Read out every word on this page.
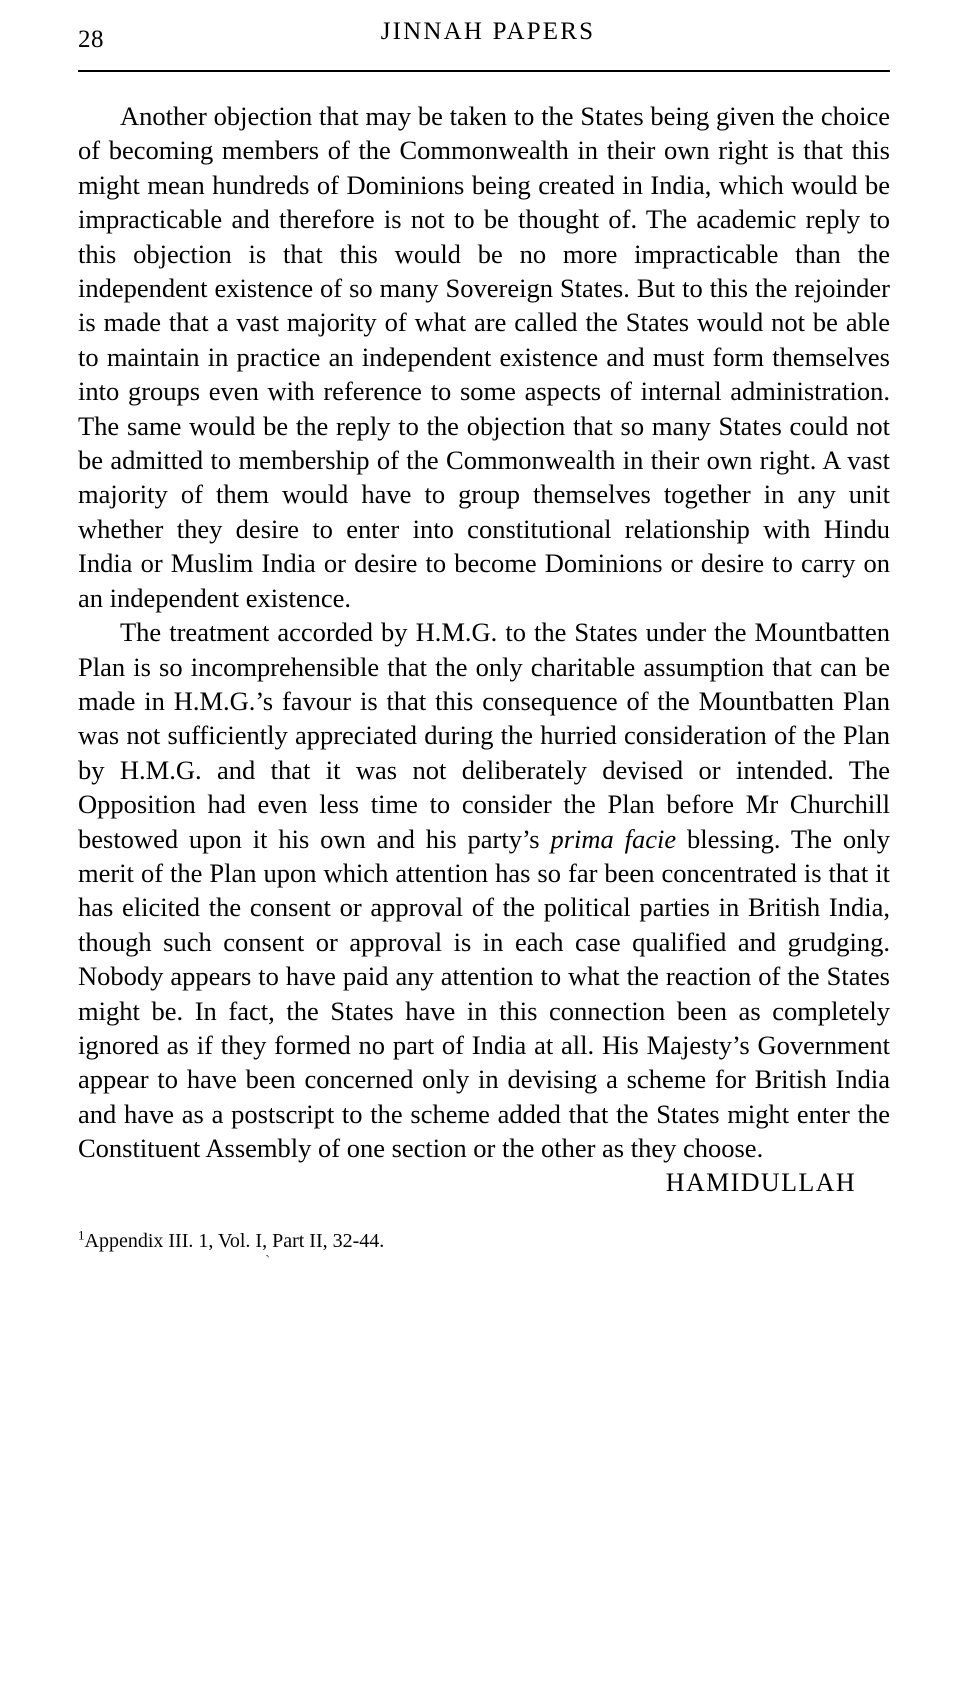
28	JINNAH PAPERS

Another objection that may be taken to the States being given the choice of becoming members of the Commonwealth in their own right is that this might mean hundreds of Dominions being created in India, which would be impracticable and therefore is not to be thought of. The academic reply to this objection is that this would be no more impracticable than the independent existence of so many Sovereign States. But to this the rejoinder is made that a vast majority of what are called the States would not be able to maintain in practice an independent existence and must form themselves into groups even with reference to some aspects of internal administration. The same would be the reply to the objection that so many States could not be admitted to membership of the Commonwealth in their own right. A vast majority of them would have to group themselves together in any unit whether they desire to enter into constitutional relationship with Hindu India or Muslim India or desire to become Dominions or desire to carry on an independent existence.

The treatment accorded by H.M.G. to the States under the Mountbatten Plan is so incomprehensible that the only charitable assumption that can be made in H.M.G.’s favour is that this consequence of the Mountbatten Plan was not sufficiently appreciated during the hurried consideration of the Plan by H.M.G. and that it was not deliberately devised or intended. The Opposition had even less time to consider the Plan before Mr Churchill bestowed upon it his own and his party’s prima facie blessing. The only merit of the Plan upon which attention has so far been concentrated is that it has elicited the consent or approval of the political parties in British India, though such consent or approval is in each case qualified and grudging. Nobody appears to have paid any attention to what the reaction of the States might be. In fact, the States have in this connection been as completely ignored as if they formed no part of India at all. His Majesty’s Government appear to have been concerned only in devising a scheme for British India and have as a postscript to the scheme added that the States might enter the Constituent Assembly of one section or the other as they choose.

HAMIDULLAH
$^1$Appendix III. 1, Vol. I, Part II, 32-44.
ˋ
